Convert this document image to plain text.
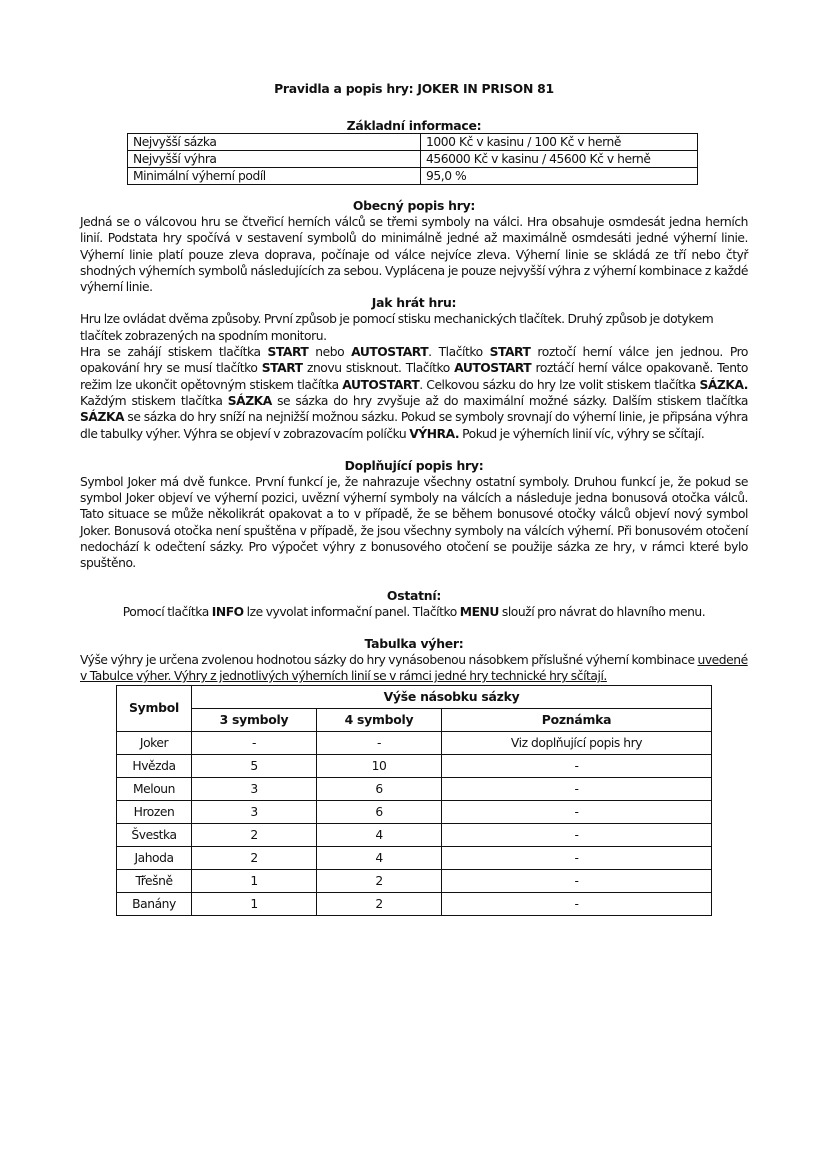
Pravidla a popis hry: JOKER IN PRISON 81
Základní informace:
Nejvyšší sázka	1000 Kč v kasinu / 100 Kč v herně
Nejvyšší výhra	456000 Kč v kasinu / 45600 Kč v herně
Minimální výherní podíl	95,0 %
Obecný popis hry:

Jedná se o válcovou hru se čtveřicí herních válců se třemi symboly na válci. Hra obsahuje osmdesát jedna herních linií. Podstata hry spočívá v sestavení symbolů do minimálně jedné až maximálně osmdesáti jedné výherní linie. Výherní linie platí pouze zleva doprava, počínaje od válce nejvíce zleva. Výherní linie se skládá ze tří nebo čtyř shodných výherních symbolů následujících za sebou. Vyplácena je pouze nejvyšší výhra z výherní kombinace z každé výherní linie.

Jak hrát hru:

Hru lze ovládat dvěma způsoby. První způsob je pomocí stisku mechanických tlačítek. Druhý způsob je dotykem tlačítek zobrazených na spodním monitoru.

Hra se zahájí stiskem tlačítka START nebo AUTOSTART. Tlačítko START roztočí herní válce jen jednou. Pro opakování hry se musí tlačítko START znovu stisknout. Tlačítko AUTOSTART roztáčí herní válce opakovaně. Tento režim lze ukončit opětovným stiskem tlačítka AUTOSTART. Celkovou sázku do hry lze volit stiskem tlačítka SÁZKA. Každým stiskem tlačítka SÁZKA se sázka do hry zvyšuje až do maximální možné sázky. Dalším stiskem tlačítka SÁZKA se sázka do hry sníží na nejnižší možnou sázku. Pokud se symboly srovnají do výherní linie, je připsána výhra dle tabulky výher. Výhra se objeví v zobrazovacím políčku VÝHRA. Pokud je výherních linií víc, výhry se sčítají.

Doplňující popis hry:

Symbol Joker má dvě funkce. První funkcí je, že nahrazuje všechny ostatní symboly. Druhou funkcí je, že pokud se symbol Joker objeví ve výherní pozici, uvězní výherní symboly na válcích a následuje jedna bonusová otočka válců. Tato situace se může několikrát opakovat a to v případě, že se během bonusové otočky válců objeví nový symbol Joker. Bonusová otočka není spuštěna v případě, že jsou všechny symboly na válcích výherní. Při bonusovém otočení nedochází k odečtení sázky. Pro výpočet výhry z bonusového otočení se použije sázka ze hry, v rámci které bylo spuštěno.

Ostatní:

Pomocí tlačítka INFO lze vyvolat informační panel. Tlačítko MENU slouží pro návrat do hlavního menu.

Tabulka výher:

Výše výhry je určena zvolenou hodnotou sázky do hry vynásobenou násobkem příslušné výherní kombinace uvedené v Tabulce výher. Výhry z jednotlivých výherních linií se v rámci jedné hry technické hry sčítají.

Symbol	Výše násobku sázky		
	3 symboly	4 symboly	Poznámka
Joker	-	-	Viz doplňující popis hry
Hvězda	5	10	-
Meloun	3	6	-
Hrozen	3	6	-
Švestka	2	4	-
Jahoda	2	4	-
Třešně	1	2	-
Banány	1	2	-
